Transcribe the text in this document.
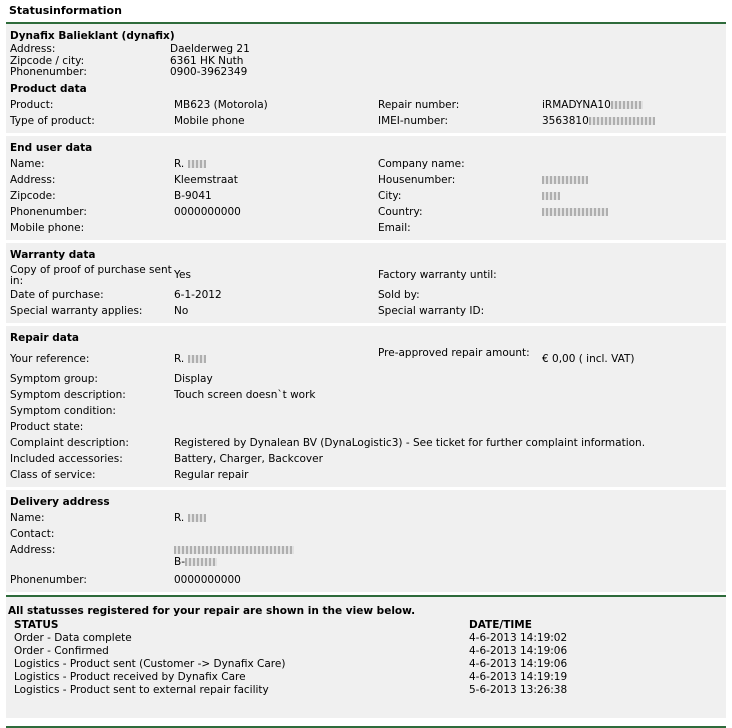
Statusinformation
Dynafix Balieklant (dynafix)
Address:	Daelderweg 21
Zipcode / city:	6361 HK Nuth
Phonenumber:	0900-3962349
Product data
Product:	MB623 (Motorola)	Repair number:	iRMADYNA10
Type of product:	Mobile phone	IMEI-number:	3563810
End user data
Name:	R.	Company name:
Address:	Kleemstraat	Housenumber:
Zipcode:	B-9041	City:
Phonenumber:	0000000000	Country:
Mobile phone:	Email:
Warranty data
Copy of proof of purchase sent in:	Yes	Factory warranty until:
Date of purchase:	6-1-2012	Sold by:
Special warranty applies:	No	Special warranty ID:
Repair data
Your reference:	R.	Pre-approved repair amount:	€ 0,00 ( incl. VAT)
Symptom group:	Display
Symptom description:	Touch screen doesn`t work
Symptom condition:
Product state:
Complaint description:	Registered by Dynalean BV (DynaLogistic3) - See ticket for further complaint information.
Included accessories:	Battery, Charger, Backcover
Class of service:	Regular repair
Delivery address
Name:	R.
Contact:
Address:

B-
Phonenumber:	0000000000
All statusses registered for your repair are shown in the view below.
STATUS	DATE/TIME
Order - Data complete	4-6-2013 14:19:02
Order - Confirmed	4-6-2013 14:19:06
Logistics - Product sent (Customer -> Dynafix Care)	4-6-2013 14:19:06
Logistics - Product received by Dynafix Care	4-6-2013 14:19:19
Logistics - Product sent to external repair facility	5-6-2013 13:26:38
